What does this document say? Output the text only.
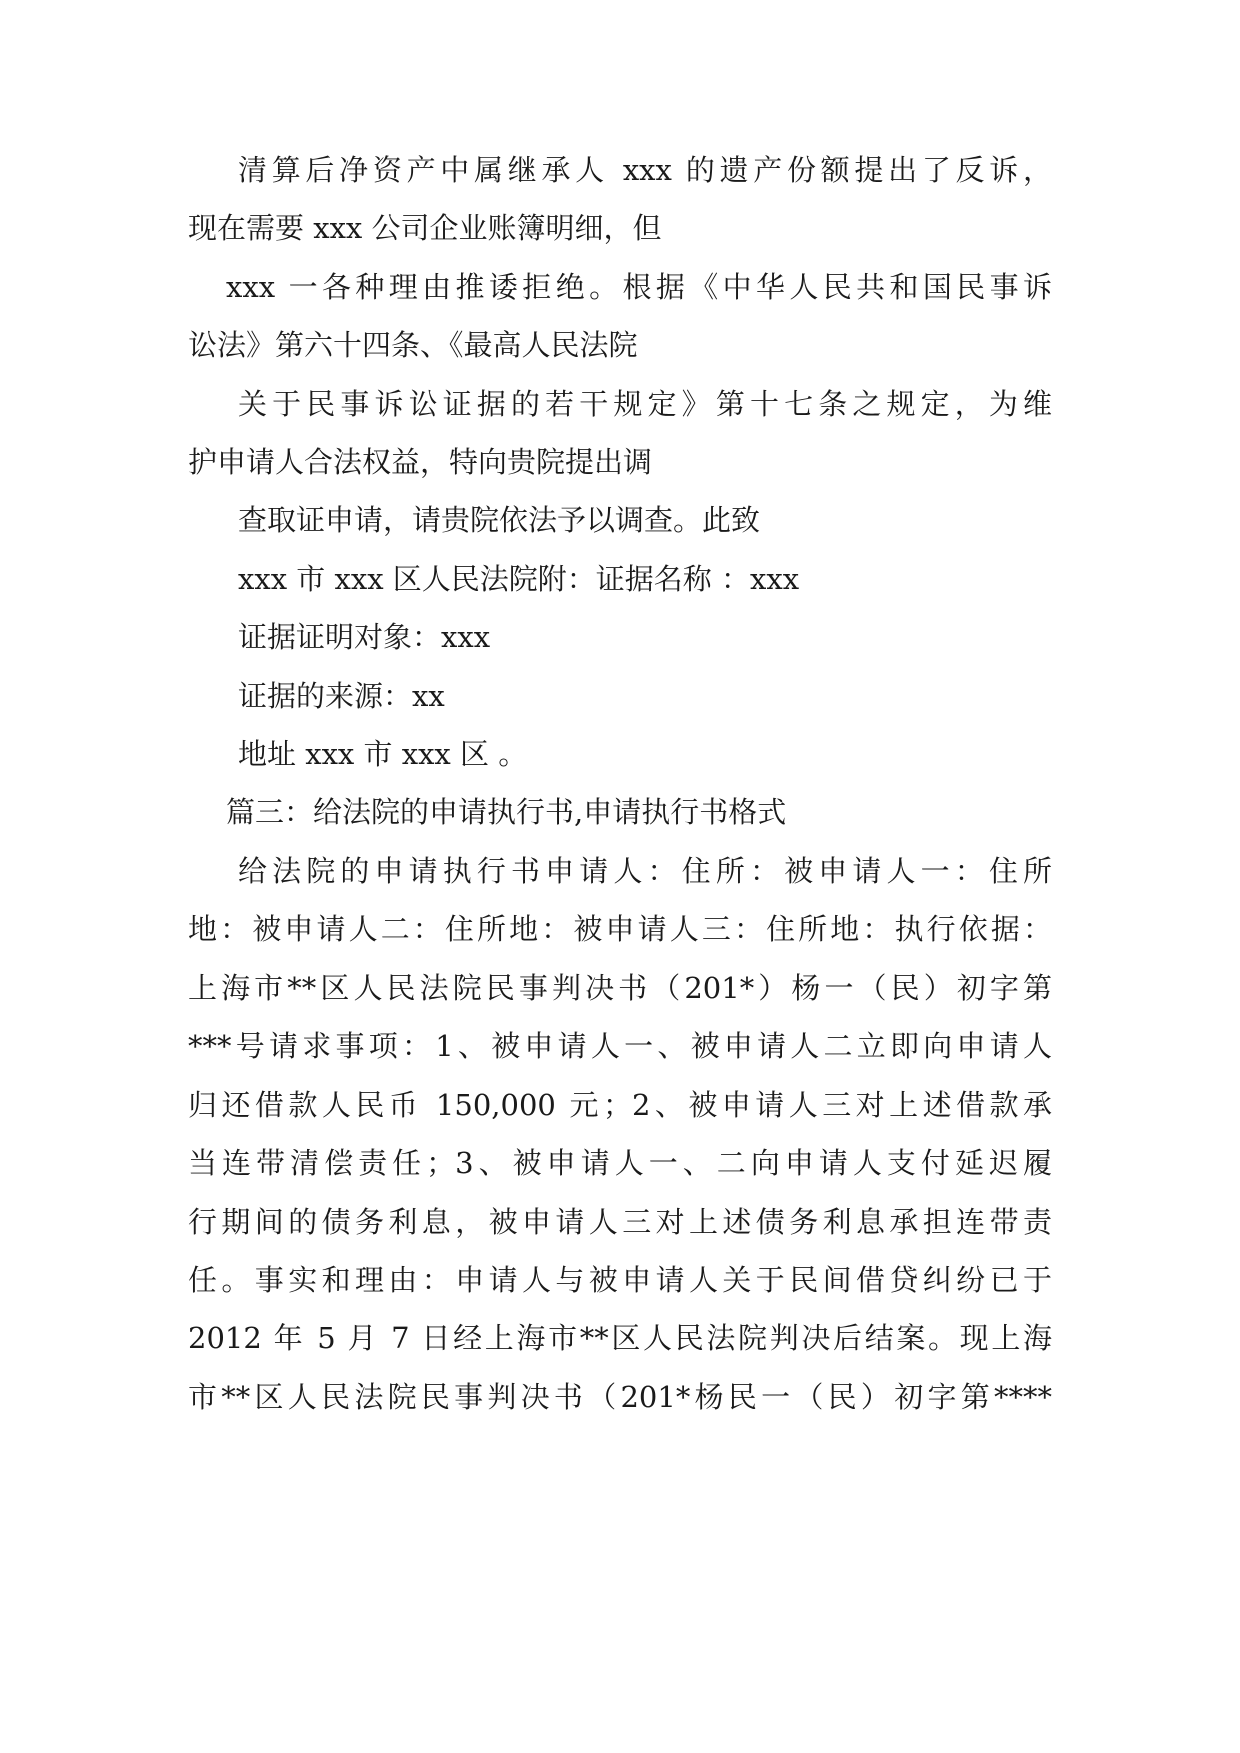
清算后净资产中属继承人 xxx 的遗产份额提出了反诉，
现在需要 xxx 公司企业账簿明细，但
xxx 一各种理由推诿拒绝。根据《中华人民共和国民事诉
讼法》第六十四条、《最高人民法院
关于民事诉讼证据的若干规定》第十七条之规定，为维
护申请人合法权益，特向贵院提出调
查取证申请，请贵院依法予以调查。此致
xxx 市 xxx 区人民法院附：证据名称 ：xxx
证据证明对象：xxx
证据的来源：xx
地址 xxx 市 xxx 区 。
篇三：给法院的申请执行书,申请执行书格式
给法院的申请执行书申请人：住所：被申请人一：住所
地：被申请人二：住所地：被申请人三：住所地：执行依据：
上海市**区人民法院民事判决书（201*）杨一（民）初字第
***号请求事项：1、被申请人一、被申请人二立即向申请人
归还借款人民币 150,000 元；2、被申请人三对上述借款承
当连带清偿责任；3、被申请人一、二向申请人支付延迟履
行期间的债务利息，被申请人三对上述债务利息承担连带责
任。事实和理由：申请人与被申请人关于民间借贷纠纷已于
2012 年 5 月 7 日经上海市**区人民法院判决后结案。现上海
市**区人民法院民事判决书（201*杨民一（民）初字第****
